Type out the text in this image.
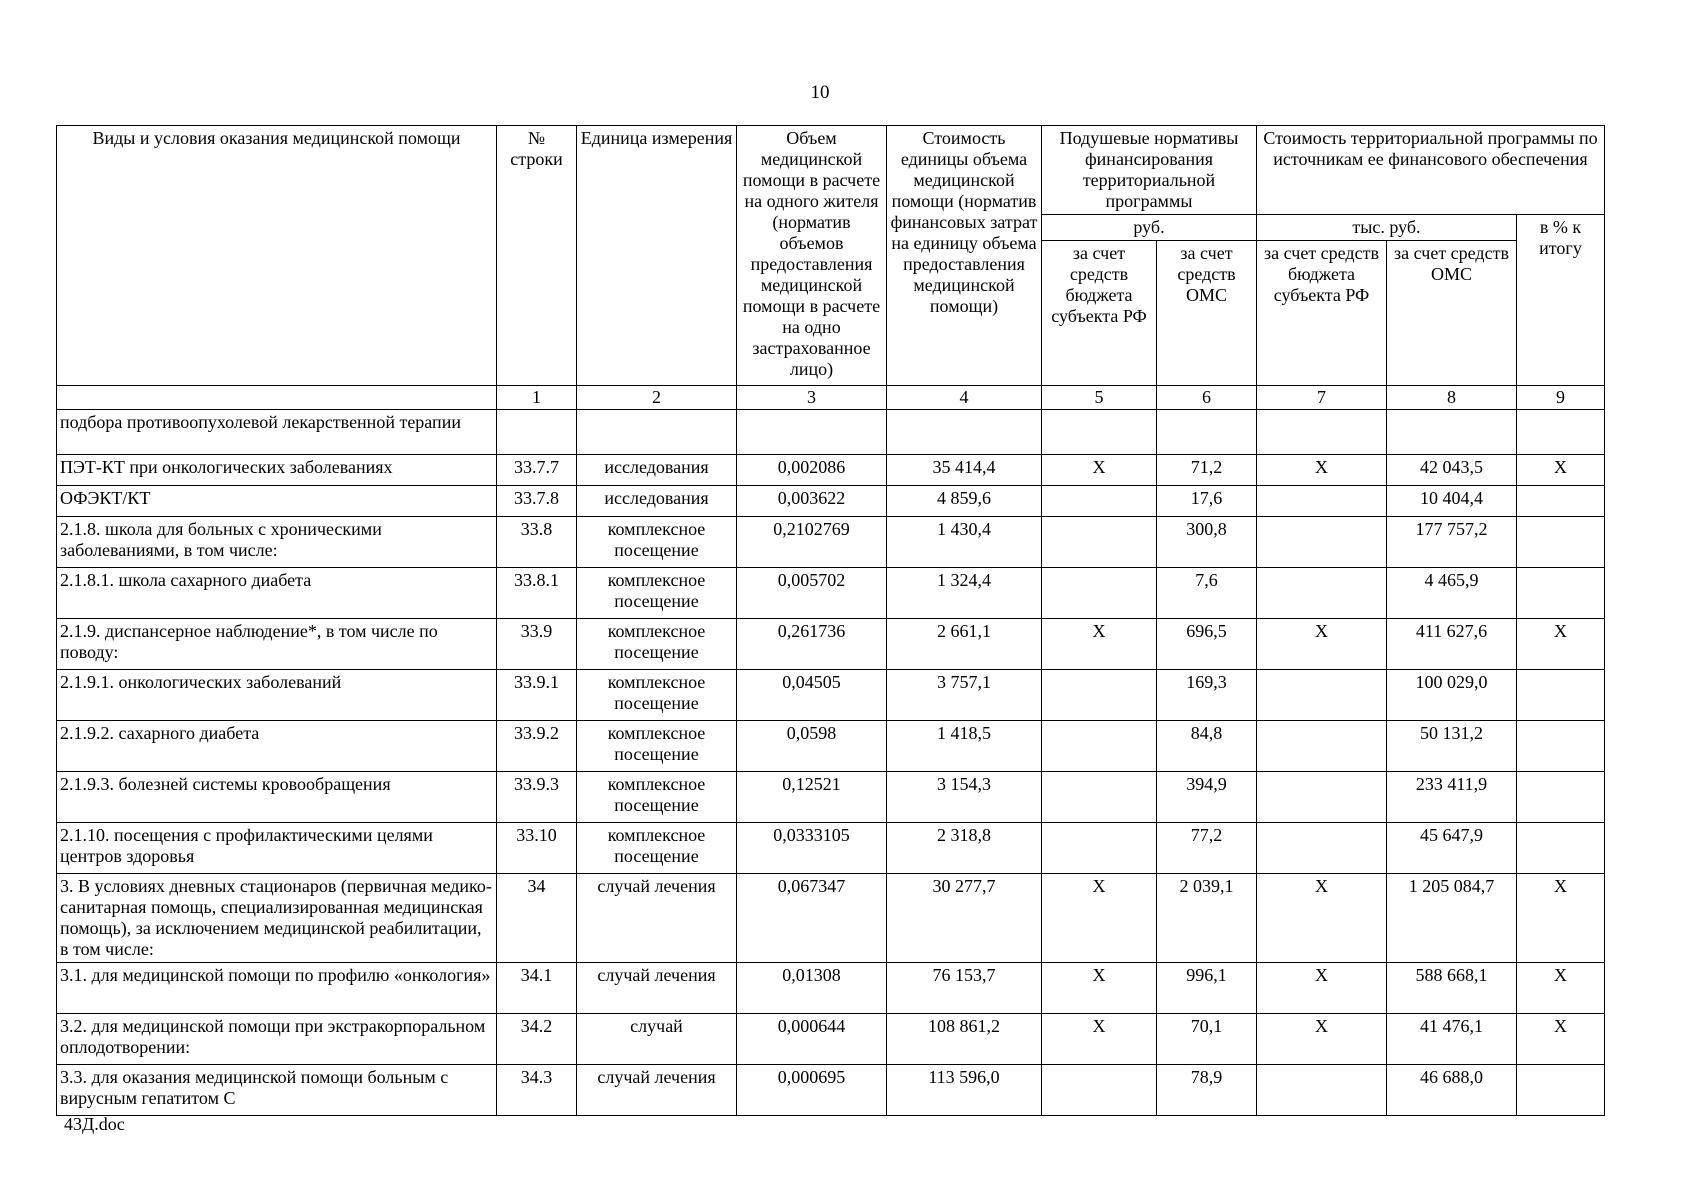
10
Виды и условия оказания медицинской помощи	№ строки	Единица измерения	Объем медицинской помощи в расчете на одного жителя (норматив объемов предоставления медицинской помощи в расчете на одно застрахованное лицо)	Стоимость единицы объема медицинской помощи (норматив финансовых затрат на единицу объема предоставления медицинской помощи)	Подушевые нормативы финансирования территориальной программы		Стоимость территориальной программы по источникам ее финансового обеспечения		
					руб.		тыс. руб.		в % к итогу
					за счет средств бюджета субъекта РФ	за счет средств ОМС	за счет средств бюджета субъекта РФ	за счет средств ОМС	
	1	2	3	4	5	6	7	8	9
подбора противоопухолевой лекарственной терапии									
ПЭТ-КТ при онкологических заболеваниях	33.7.7	исследования	0,002086	35 414,4	Х	71,2	Х	42 043,5	Х
ОФЭКТ/КТ	33.7.8	исследования	0,003622	4 859,6		17,6		10 404,4	
2.1.8. школа для больных с хроническими заболеваниями, в том числе:	33.8	комплексное посещение	0,2102769	1 430,4		300,8		177 757,2	
2.1.8.1. школа сахарного диабета	33.8.1	комплексное посещение	0,005702	1 324,4		7,6		4 465,9	
2.1.9. диспансерное наблюдение*, в том числе по поводу:	33.9	комплексное посещение	0,261736	2 661,1	Х	696,5	Х	411 627,6	Х
2.1.9.1. онкологических заболеваний	33.9.1	комплексное посещение	0,04505	3 757,1		169,3		100 029,0	
2.1.9.2. сахарного диабета	33.9.2	комплексное посещение	0,0598	1 418,5		84,8		50 131,2	
2.1.9.3. болезней системы кровообращения	33.9.3	комплексное посещение	0,12521	3 154,3		394,9		233 411,9	
2.1.10. посещения с профилактическими целями центров здоровья	33.10	комплексное посещение	0,0333105	2 318,8		77,2		45 647,9	
3. В условиях дневных стационаров (первичная медико-санитарная помощь, специализированная медицинская помощь), за исключением медицинской реабилитации, в том числе:	34	случай лечения	0,067347	30 277,7	Х	2 039,1	Х	1 205 084,7	Х
3.1. для медицинской помощи по профилю «онкология»	34.1	случай лечения	0,01308	76 153,7	Х	996,1	Х	588 668,1	Х
3.2. для медицинской помощи при экстракорпоральном оплодотворении:	34.2	случай	0,000644	108 861,2	Х	70,1	Х	41 476,1	Х
3.3. для оказания медицинской помощи больным с вирусным гепатитом С	34.3	случай лечения	0,000695	113 596,0		78,9		46 688,0	
43Д.doc
